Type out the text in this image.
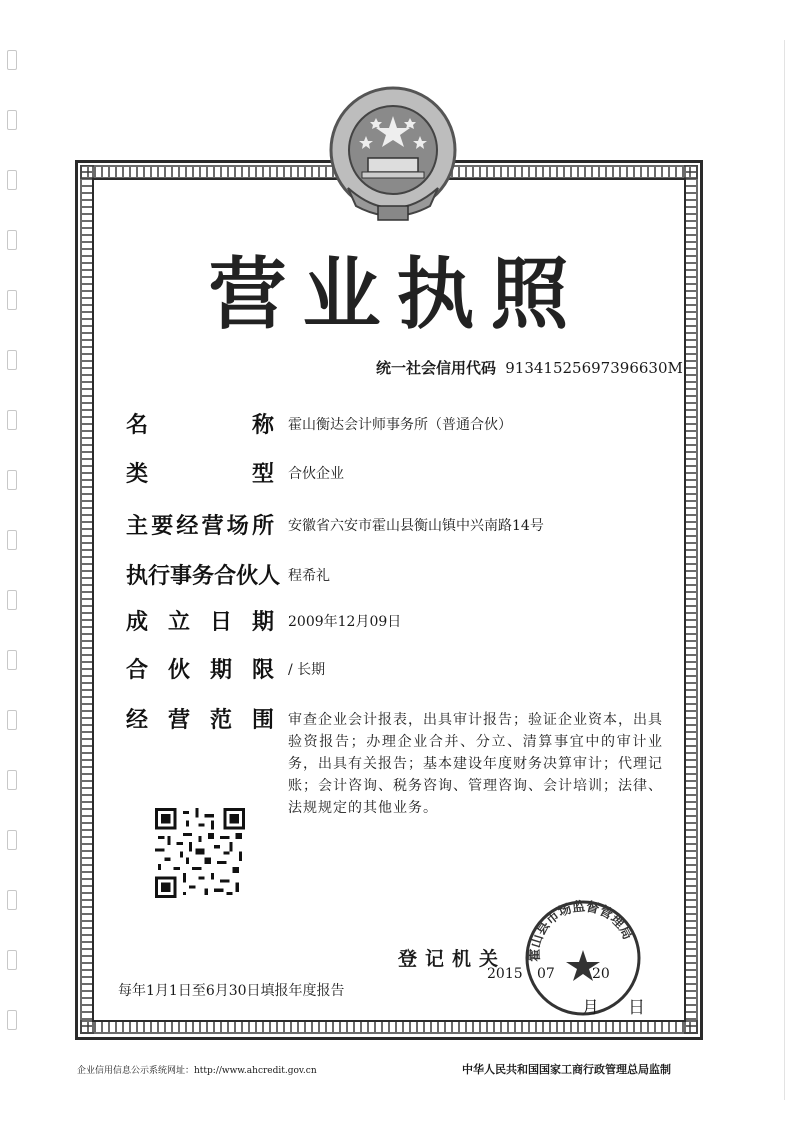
营业执照
统一社会信用代码 91341525697396630M
名	称 霍山衡达会计师事务所（普通合伙）
类	型 合伙企业
主 要 经 营 场 所 安徽省六安市霍山县衡山镇中兴南路14号
执 行 事 务 合 伙 人 程希礼
成 立 日 期 2009年12月09日
合 伙 期 限 / 长期
经 营 范 围 审查企业会计报表，出具审计报告；验证企业资本，出具验资报告；办理企业合并、分立、清算事宜中的审计业务，出具有关报告；基本建设年度财务决算审计；代理记账；会计咨询、税务咨询、管理咨询、会计培训；法律、法规规定的其他业务。
登记机关 霍山县市场监督管理局
2015 07	20
月 日
每年1月1日至6月30日填报年度报告
企业信用信息公示系统网址：http://www.ahcredit.gov.cn	中华人民共和国国家工商行政管理总局监制
